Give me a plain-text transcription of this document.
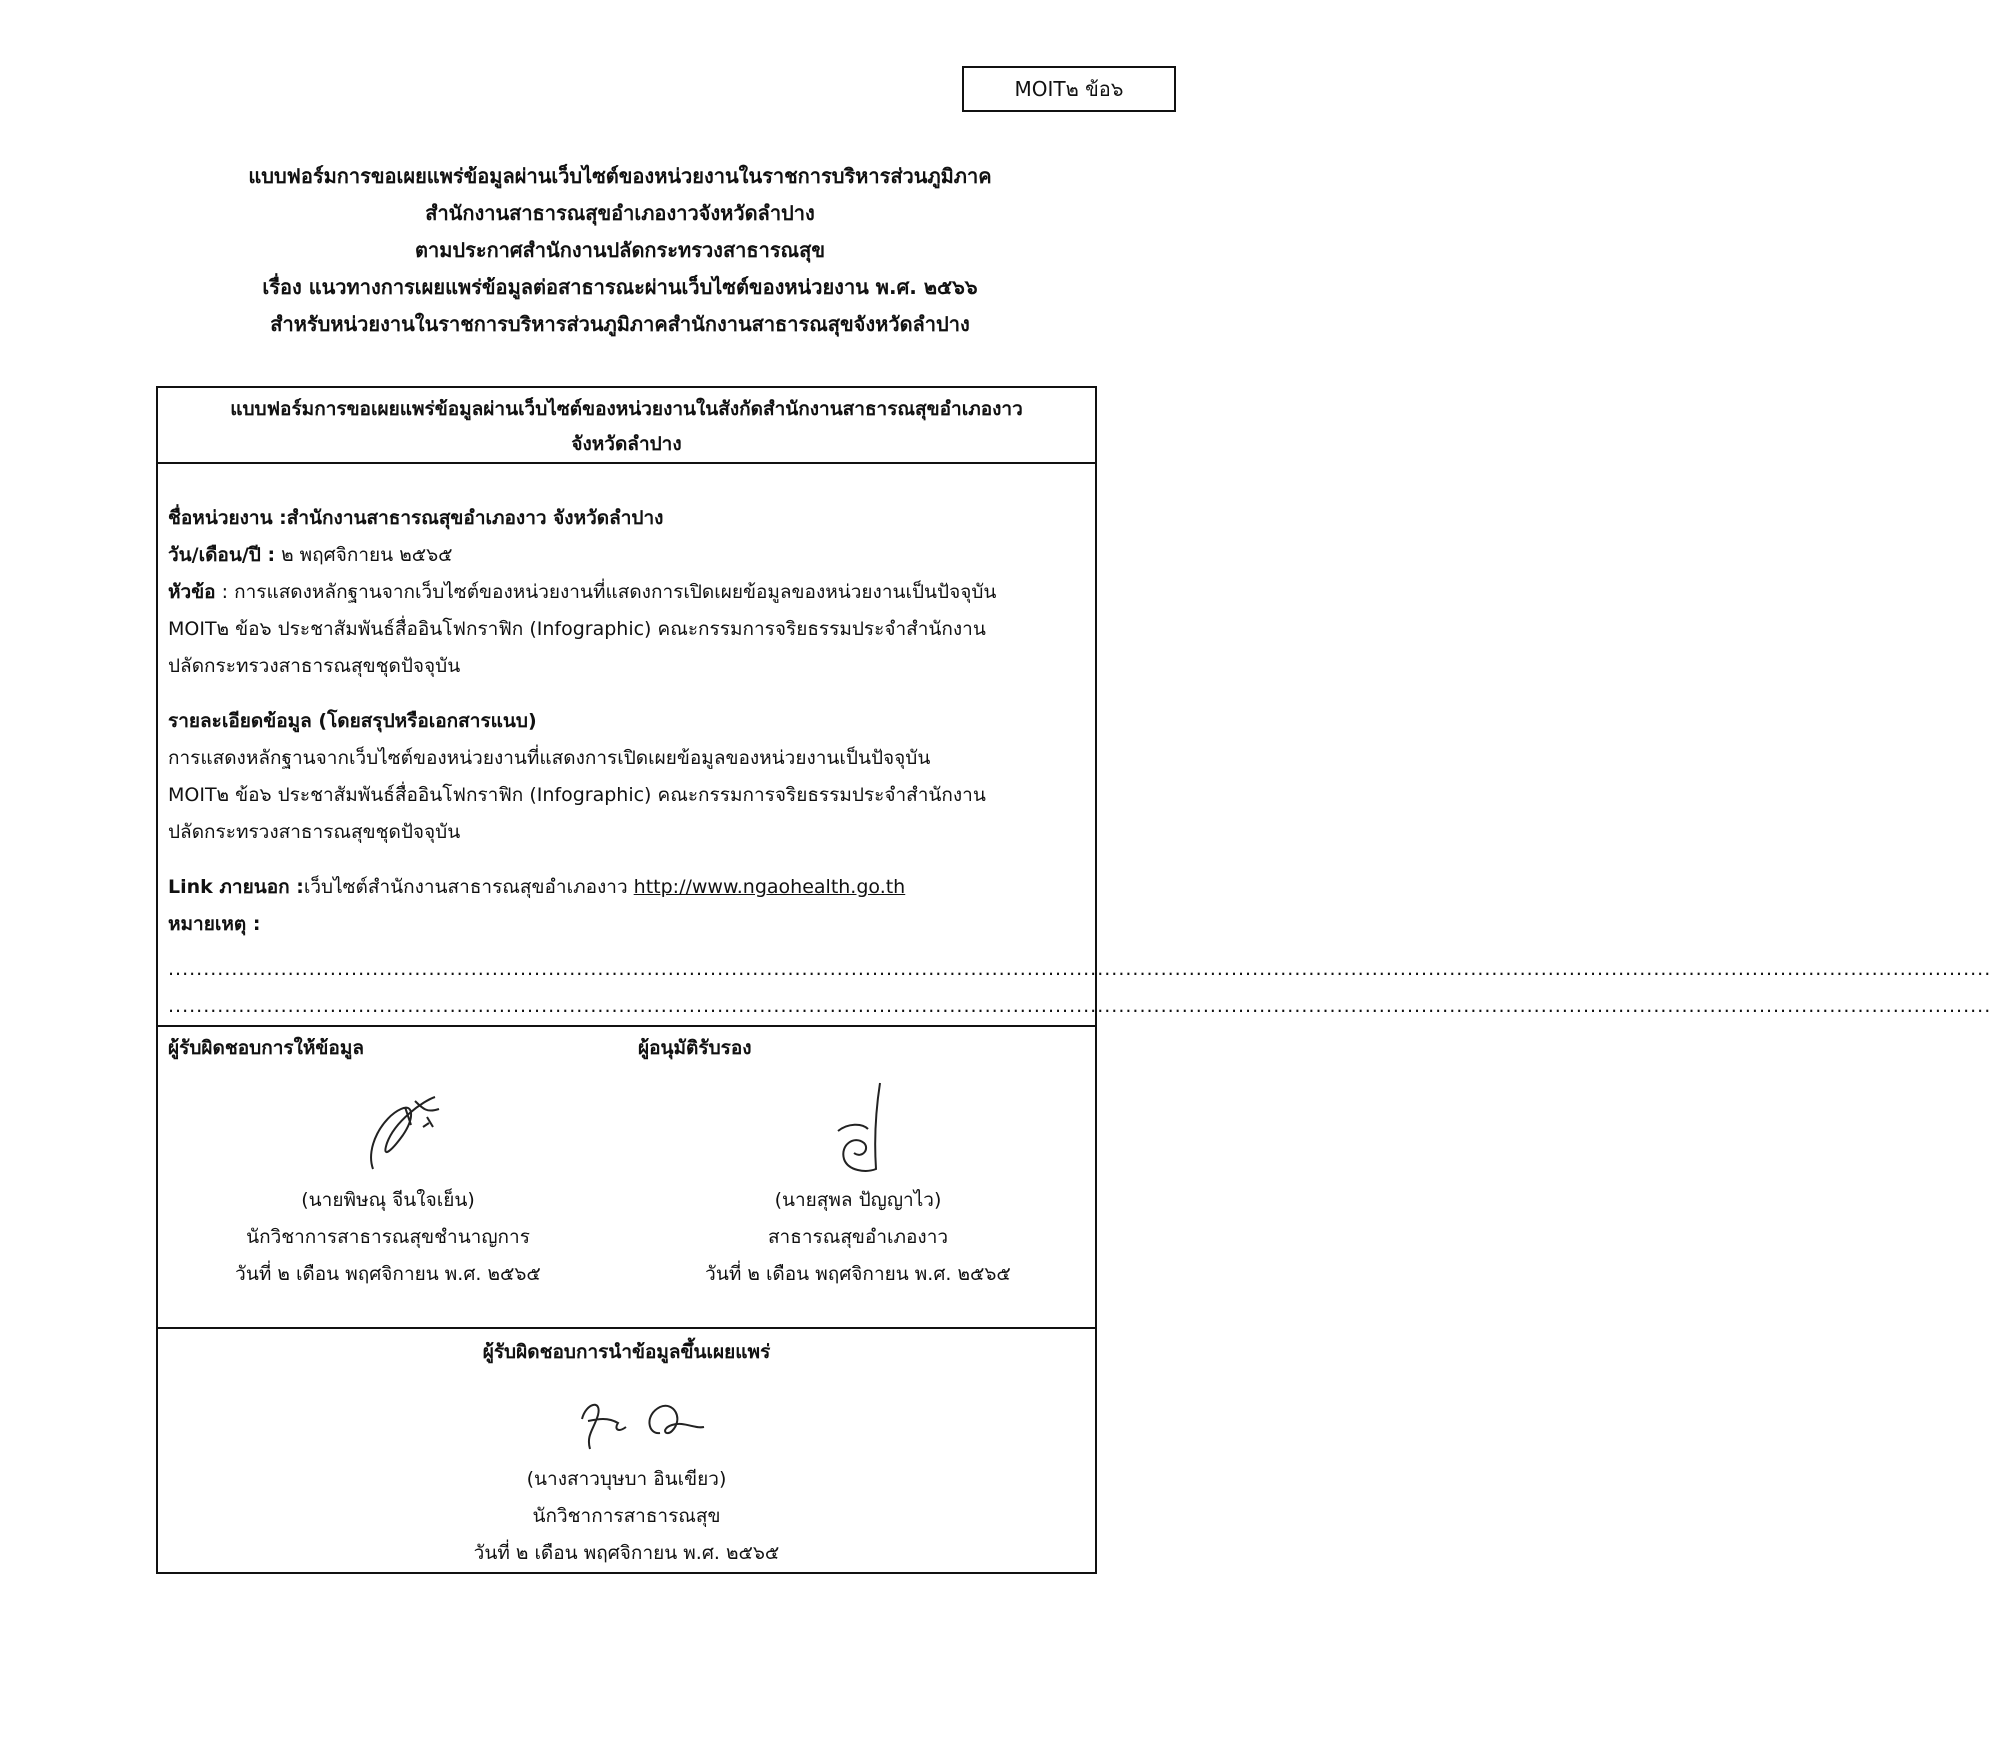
MOIT๒ ข้อ๖
แบบฟอร์มการขอเผยแพร่ข้อมูลผ่านเว็บไซต์ของหน่วยงานในราชการบริหารส่วนภูมิภาค
สำนักงานสาธารณสุขอำเภองาวจังหวัดลำปาง
ตามประกาศสำนักงานปลัดกระทรวงสาธารณสุข
เรื่อง แนวทางการเผยแพร่ข้อมูลต่อสาธารณะผ่านเว็บไซต์ของหน่วยงาน พ.ศ. ๒๕๖๖
สำหรับหน่วยงานในราชการบริหารส่วนภูมิภาคสำนักงานสาธารณสุขจังหวัดลำปาง
แบบฟอร์มการขอเผยแพร่ข้อมูลผ่านเว็บไซต์ของหน่วยงานในสังกัดสำนักงานสาธารณสุขอำเภองาว
จังหวัดลำปาง
ชื่อหน่วยงาน :สำนักงานสาธารณสุขอำเภองาว จังหวัดลำปาง
วัน/เดือน/ปี : ๒ พฤศจิกายน ๒๕๖๕
หัวข้อ : การแสดงหลักฐานจากเว็บไซต์ของหน่วยงานที่แสดงการเปิดเผยข้อมูลของหน่วยงานเป็นปัจจุบัน
MOIT๒ ข้อ๖ ประชาสัมพันธ์สื่ออินโฟกราฟิก (Infographic) คณะกรรมการจริยธรรมประจำสำนักงาน
ปลัดกระทรวงสาธารณสุขชุดปัจจุบัน
รายละเอียดข้อมูล (โดยสรุปหรือเอกสารแนบ)
การแสดงหลักฐานจากเว็บไซต์ของหน่วยงานที่แสดงการเปิดเผยข้อมูลของหน่วยงานเป็นปัจจุบัน
MOIT๒ ข้อ๖ ประชาสัมพันธ์สื่ออินโฟกราฟิก (Infographic) คณะกรรมการจริยธรรมประจำสำนักงาน
ปลัดกระทรวงสาธารณสุขชุดปัจจุบัน
Link ภายนอก :เว็บไซต์สำนักงานสาธารณสุขอำเภองาว http://www.ngaohealth.go.th
หมายเหตุ :
...................................................................................................................................................................................................................................................................
...................................................................................................................................................................................................................................................................
ผู้รับผิดชอบการให้ข้อมูล
(นายพิษณุ จีนใจเย็น)
นักวิชาการสาธารณสุขชำนาญการ
วันที่ ๒ เดือน พฤศจิกายน พ.ศ. ๒๕๖๕
ผู้อนุมัติรับรอง
(นายสุพล ปัญญาไว)
สาธารณสุขอำเภองาว
วันที่ ๒ เดือน พฤศจิกายน พ.ศ. ๒๕๖๕
ผู้รับผิดชอบการนำข้อมูลขึ้นเผยแพร่
(นางสาวบุษบา อินเขียว)
นักวิชาการสาธารณสุข
วันที่ ๒ เดือน พฤศจิกายน พ.ศ. ๒๕๖๕
